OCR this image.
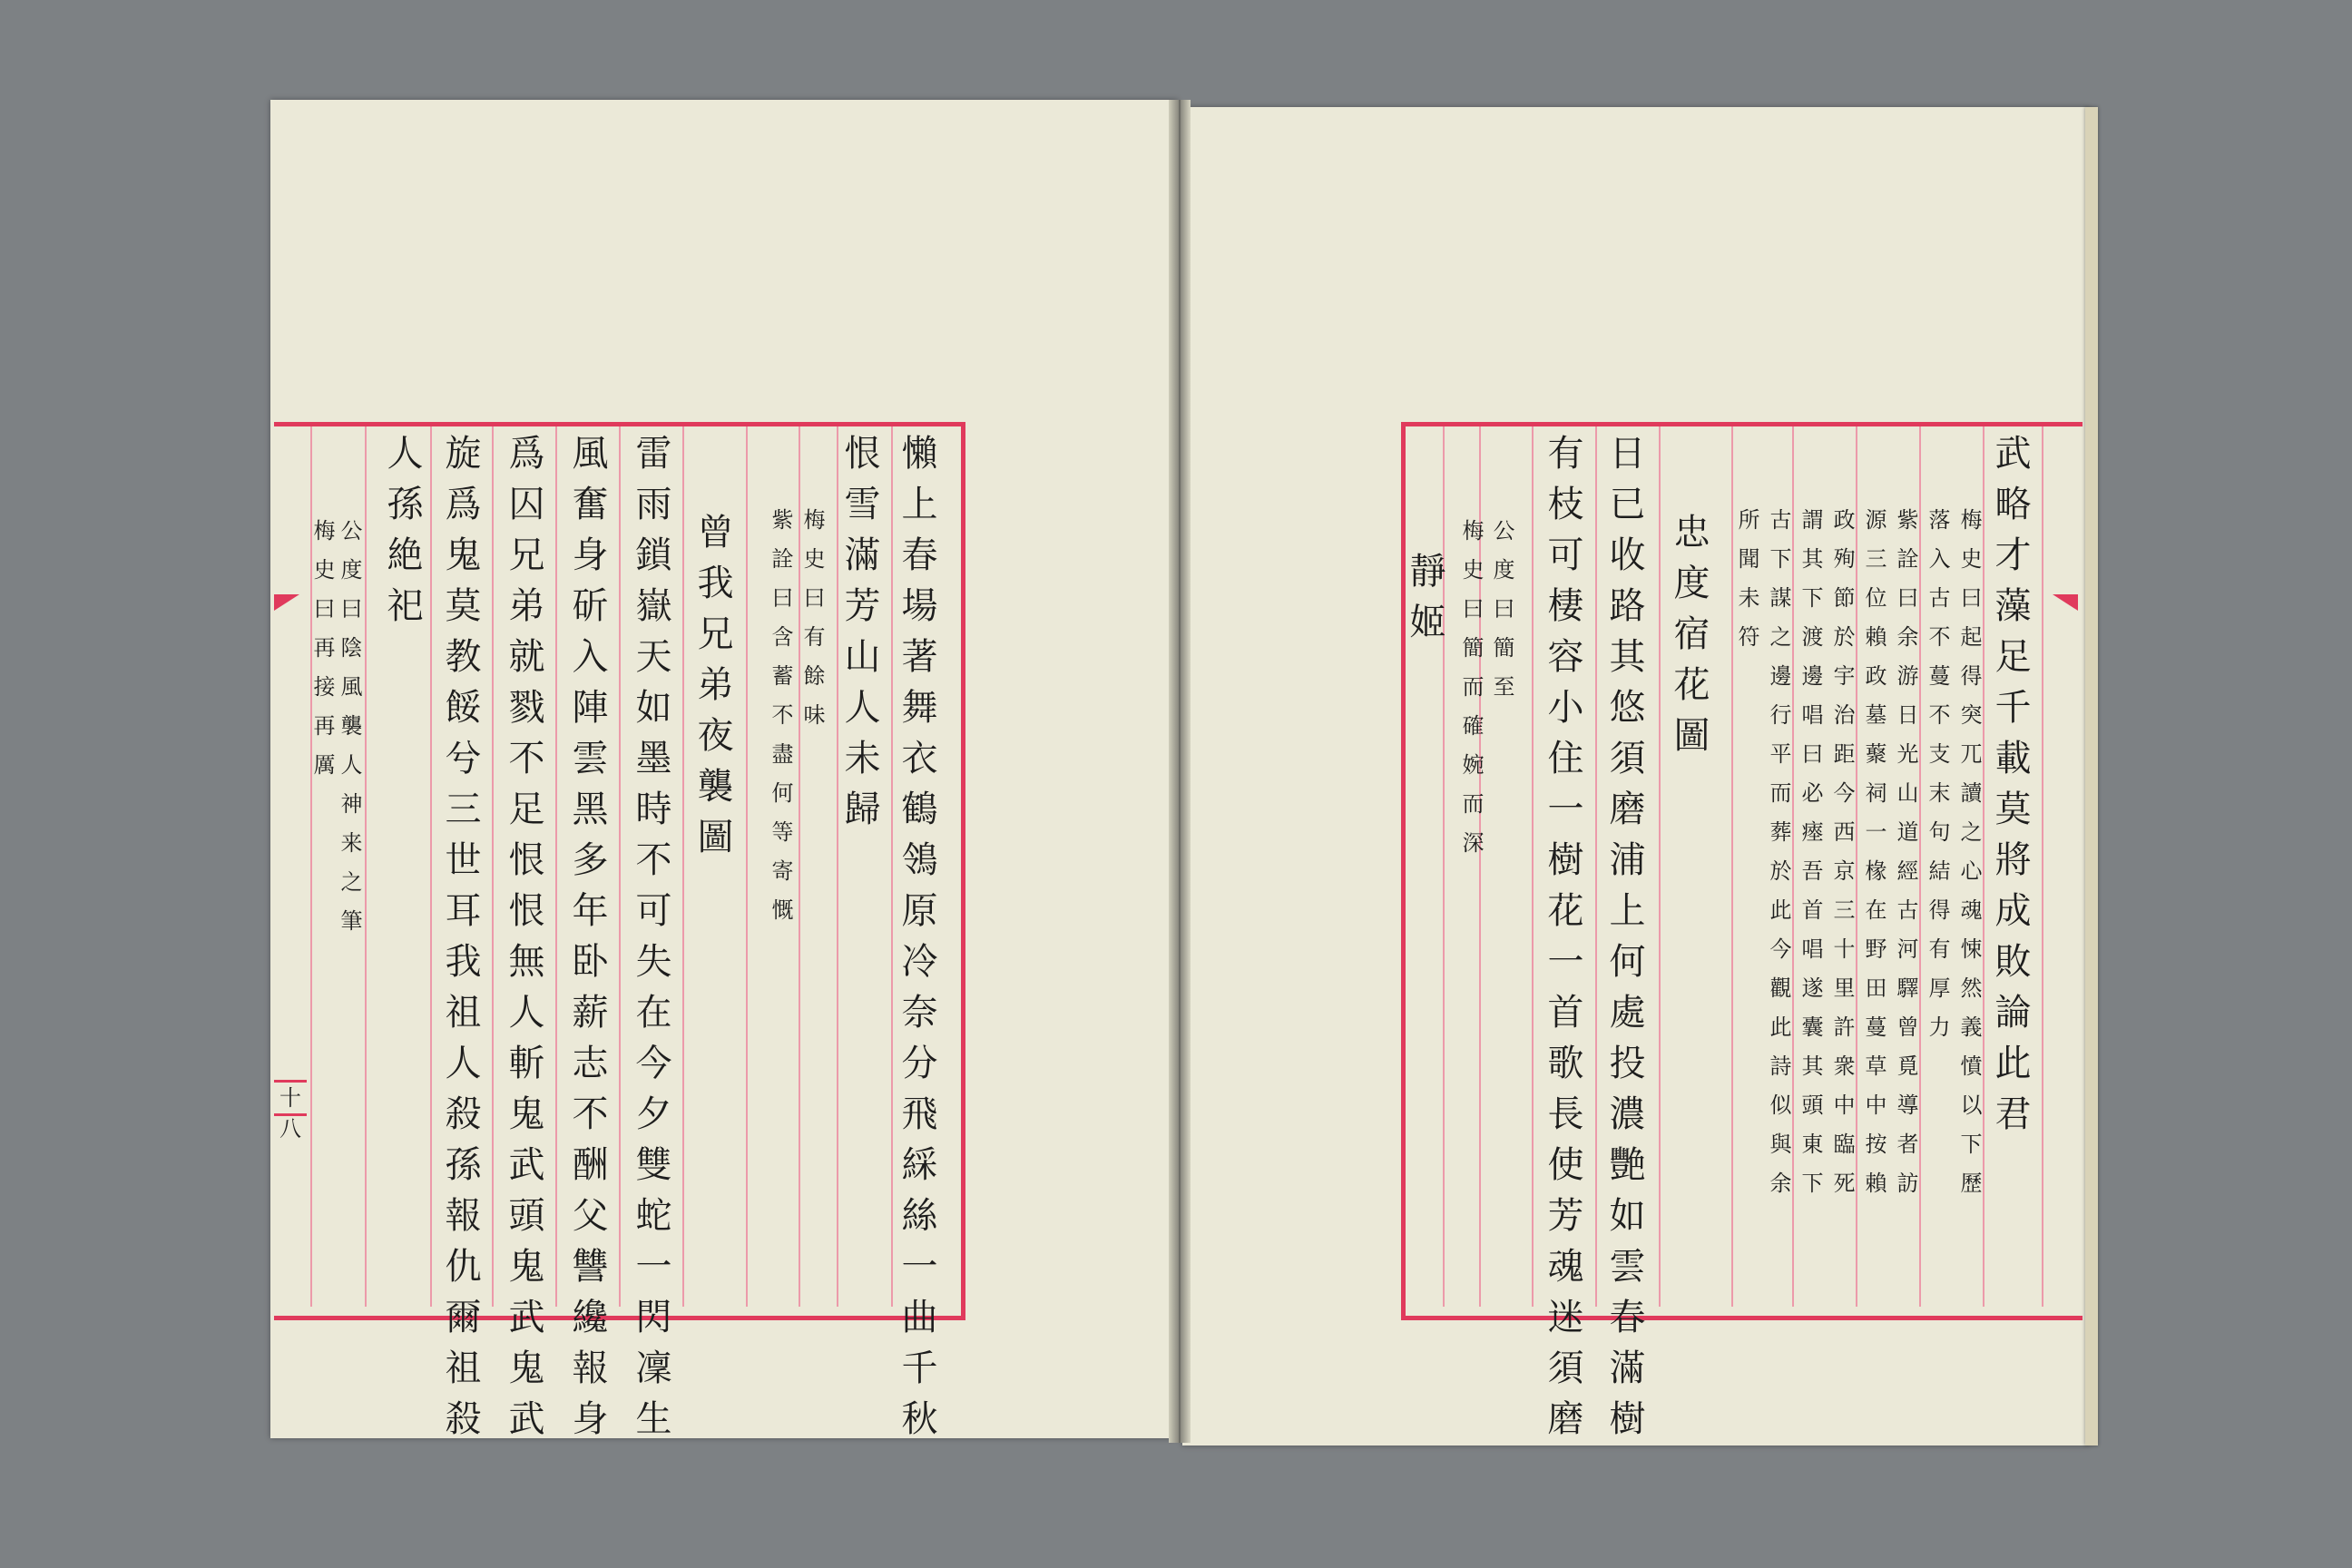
十八	懶上春場著舞衣鶴鴒原冷奈分飛綵絲一曲千秋
恨雪滿芳山人未歸
梅史曰有餘味
紫詮曰含蓄不盡何等寄慨
曾我兄弟夜襲圖
雷雨鎖嶽天如墨時不可失在今夕雙蛇一閃凜生
風奮身斫入陣雲黑多年卧薪志不酬父讐纔報身
爲囚兄弟就戮不足恨恨無人斬鬼武頭鬼武鬼武
旋爲鬼莫教餒兮三世耳我祖人殺孫報仇爾祖殺
人孫絶祀
公度曰陰風襲人神来之筆
梅史曰再接再厲	武略才藻足千載莫將成敗論此君
梅史曰起得突兀讀之心魂悚然義憤以下歷
落入古不蔓不支末句結得有厚力
紫詮曰余游日光山道經古河驛曾覓導者訪
源三位賴政墓藂祠一椽在野田蔓草中按賴
政殉節於宇治距今西京三十里許衆中臨死
謂其下渡邊唱曰必瘞吾首唱遂囊其頭東下
古下謀之邊行平而葬於此今觀此詩似與余
所聞未符
忠度宿花圖
日已收路其悠須磨浦上何處投濃艷如雲春滿樹
有枝可棲容小住一樹花一首歌長使芳魂迷須磨
公度曰簡至
梅史曰簡而確婉而深
靜姬
